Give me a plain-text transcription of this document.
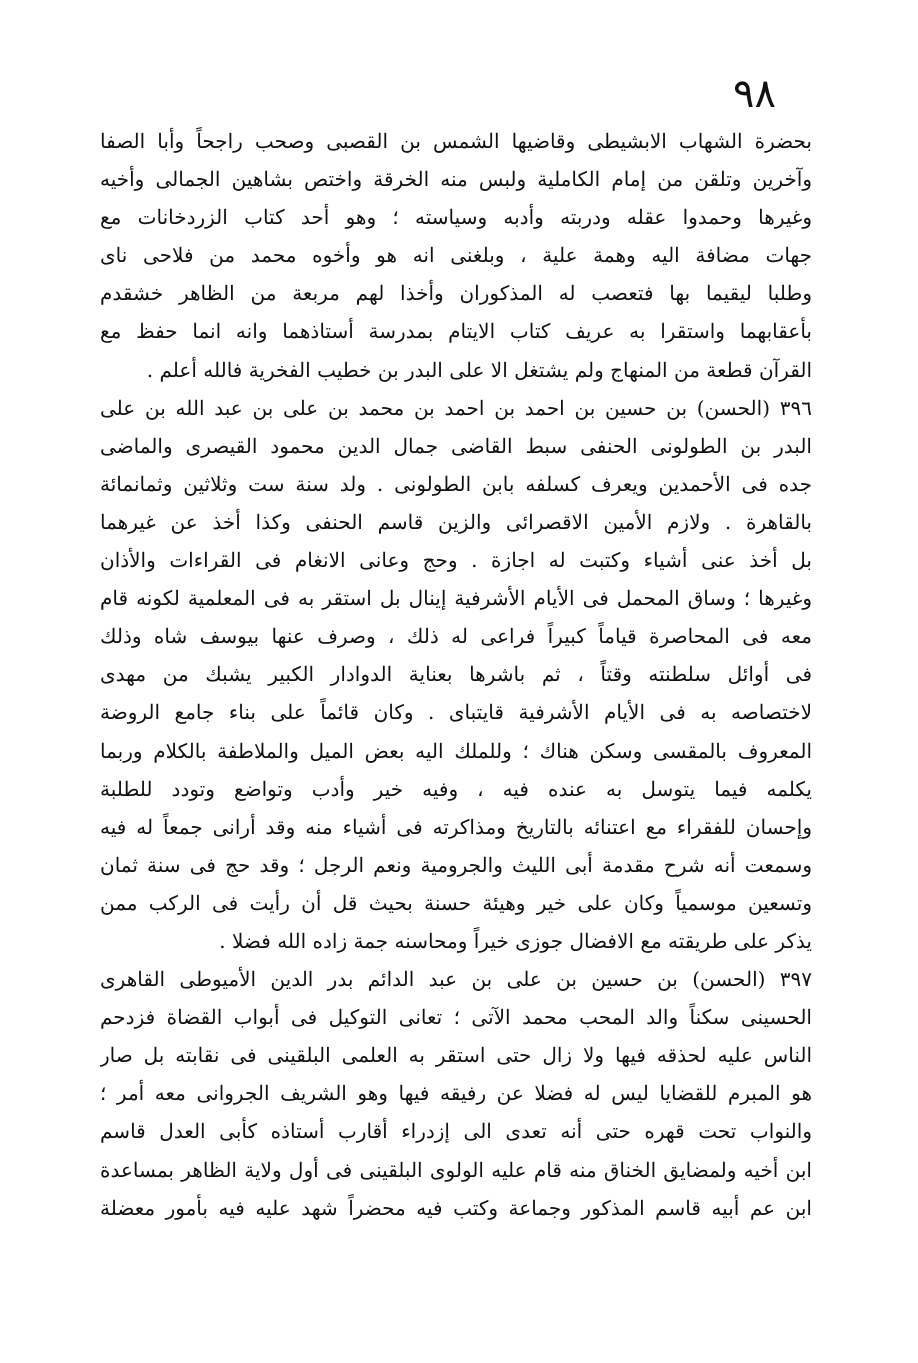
٩٨
بحضرة الشهاب الابشيطى وقاضيها الشمس بن القصبى وصحب راجحاً وأبا الصفا
وآخرين وتلقن من إمام الكاملية ولبس منه الخرقة واختص بشاهين الجمالى وأخيه
وغيرها وحمدوا عقله ودربته وأدبه وسياسته ؛ وهو أحد كتاب الزردخانات مع
جهات مضافة اليه وهمة علية ، وبلغنى انه هو وأخوه محمد من فلاحى ناى
وطلبا ليقيما بها فتعصب له المذكوران وأخذا لهم مربعة من الظاهر خشقدم
بأعقابهما واستقرا به عريف كتاب الايتام بمدرسة أستاذهما وانه انما حفظ مع
القرآن قطعة من المنهاج ولم يشتغل الا على البدر بن خطيب الفخرية فالله أعلم .
٣٩٦ (الحسن) بن حسين بن احمد بن احمد بن محمد بن على بن عبد الله بن على
البدر بن الطولونى الحنفى سبط القاضى جمال الدين محمود القيصرى والماضى
جده فى الأحمدين ويعرف كسلفه بابن الطولونى . ولد سنة ست وثلاثين وثمانمائة
بالقاهرة . ولازم الأمين الاقصرائى والزين قاسم الحنفى وكذا أخذ عن غيرهما
بل أخذ عنى أشياء وكتبت له اجازة . وحج وعانى الانغام فى القراءات والأذان
وغيرها ؛ وساق المحمل فى الأيام الأشرفية إينال بل استقر به فى المعلمية لكونه قام
معه فى المحاصرة قياماً كبيراً فراعى له ذلك ، وصرف عنها بيوسف شاه وذلك
فى أوائل سلطنته وقتاً ، ثم باشرها بعناية الدوادار الكبير يشبك من مهدى
لاختصاصه به فى الأيام الأشرفية قايتباى . وكان قائماً على بناء جامع الروضة
المعروف بالمقسى وسكن هناك ؛ وللملك اليه بعض الميل والملاطفة بالكلام وربما
يكلمه فيما يتوسل به عنده فيه ، وفيه خير وأدب وتواضع وتودد للطلبة
وإحسان للفقراء مع اعتنائه بالتاريخ ومذاكرته فى أشياء منه وقد أرانى جمعاً له فيه
وسمعت أنه شرح مقدمة أبى الليث والجرومية ونعم الرجل ؛ وقد حج فى سنة ثمان
وتسعين موسمياً وكان على خير وهيئة حسنة بحيث قل أن رأيت فى الركب ممن
يذكر على طريقته مع الافضال جوزى خيراً ومحاسنه جمة زاده الله فضلا .
٣٩٧ (الحسن) بن حسين بن على بن عبد الدائم بدر الدين الأميوطى القاهرى
الحسينى سكناً والد المحب محمد الآتى ؛ تعانى التوكيل فى أبواب القضاة فزدحم
الناس عليه لحذقه فيها ولا زال حتى استقر به العلمى البلقينى فى نقابته بل صار
هو المبرم للقضايا ليس له فضلا عن رفيقه فيها وهو الشريف الجروانى معه أمر ؛
والنواب تحت قهره حتى أنه تعدى الى إزدراء أقارب أستاذه كأبى العدل قاسم
ابن أخيه ولمضايق الخناق منه قام عليه الولوى البلقينى فى أول ولاية الظاهر بمساعدة
ابن عم أبيه قاسم المذكور وجماعة وكتب فيه محضراً شهد عليه فيه بأمور معضلة
